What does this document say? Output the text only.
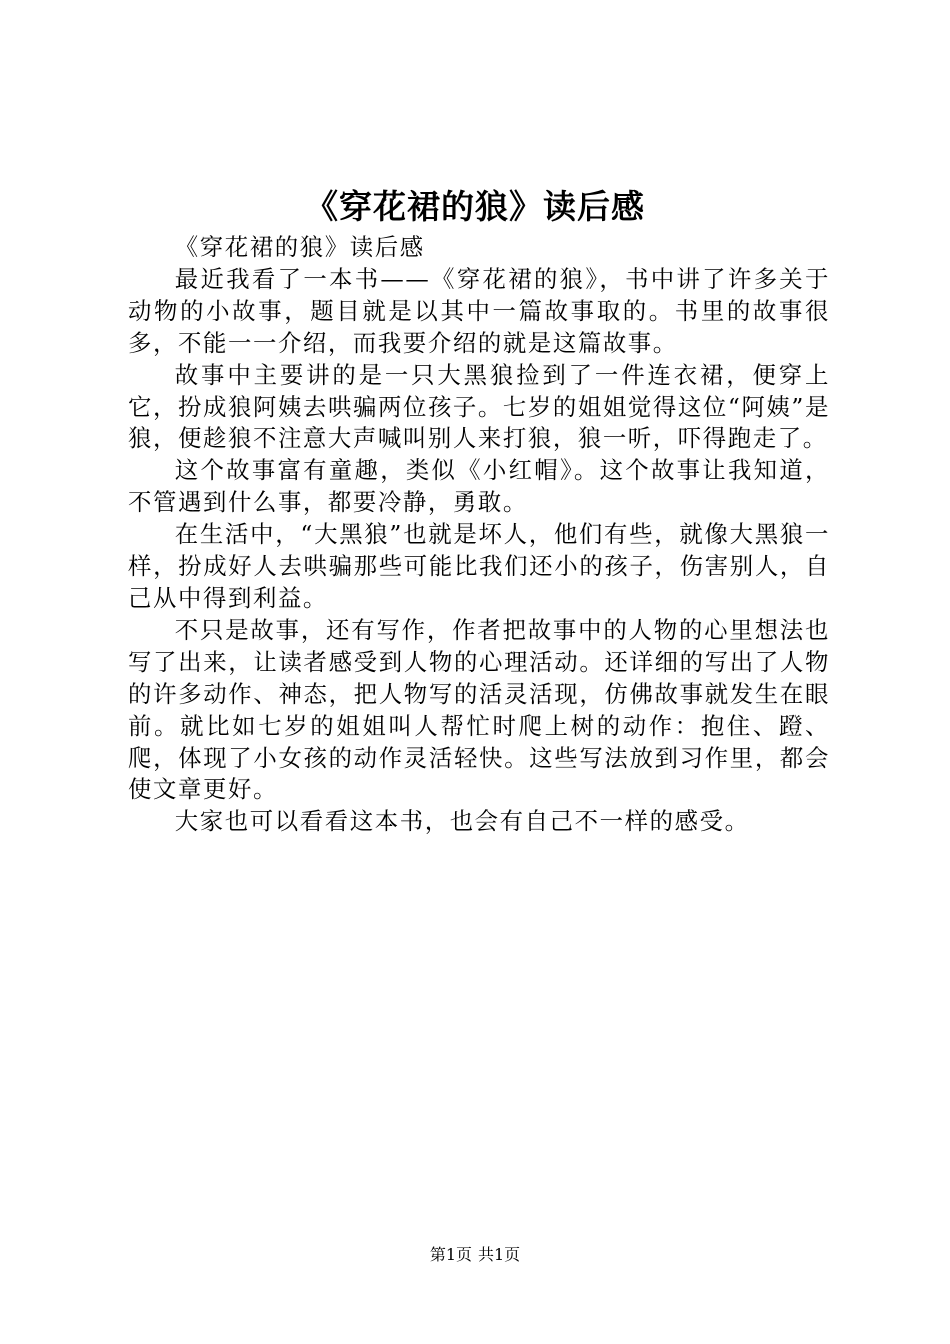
《穿花裙的狼》读后感

《穿花裙的狼》读后感

最近我看了一本书——《穿花裙的狼》，书中讲了许多关于动物的小故事，题目就是以其中一篇故事取的。书里的故事很多，不能一一介绍，而我要介绍的就是这篇故事。

故事中主要讲的是一只大黑狼捡到了一件连衣裙，便穿上它，扮成狼阿姨去哄骗两位孩子。七岁的姐姐觉得这位“阿姨”是狼，便趁狼不注意大声喊叫别人来打狼，狼一听，吓得跑走了。

这个故事富有童趣，类似《小红帽》。这个故事让我知道，不管遇到什么事，都要冷静，勇敢。

在生活中，“大黑狼”也就是坏人，他们有些，就像大黑狼一样，扮成好人去哄骗那些可能比我们还小的孩子，伤害别人，自己从中得到利益。

不只是故事，还有写作，作者把故事中的人物的心里想法也写了出来，让读者感受到人物的心理活动。还详细的写出了人物的许多动作、神态，把人物写的活灵活现，仿佛故事就发生在眼前。就比如七岁的姐姐叫人帮忙时爬上树的动作：抱住、蹬、爬，体现了小女孩的动作灵活轻快。这些写法放到习作里，都会使文章更好。

大家也可以看看这本书，也会有自己不一样的感受。

第1页 共1页
